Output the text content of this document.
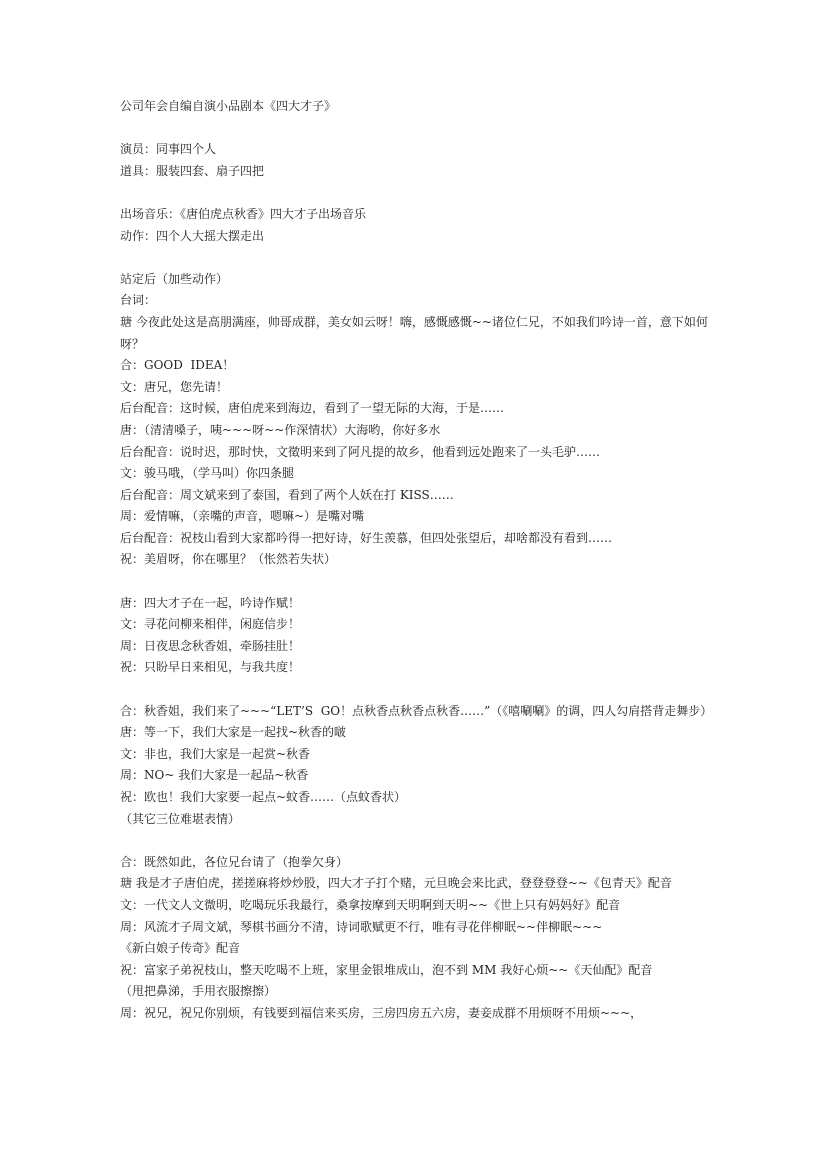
公司年会自编自演小品剧本《四大才子》
演员：同事四个人
道具：服装四套、扇子四把
出场音乐：《唐伯虎点秋香》四大才子出场音乐
动作：四个人大摇大摆走出
站定后（加些动作）
台词：
瑭 今夜此处这是高朋满座，帅哥成群，美女如云呀！嗨，感慨感慨~~诸位仁兄，不如我们吟诗一首，意下如何呀？
合：GOOD  IDEA！
文：唐兄，您先请！
后台配音：这时候，唐伯虎来到海边，看到了一望无际的大海，于是……
唐：（清清嗓子，咦~~~呀~~作深情状）大海哟，你好多水
后台配音：说时迟，那时快，文徵明来到了阿凡提的故乡，他看到远处跑来了一头毛驴……
文：骏马哦，（学马叫）你四条腿
后台配音：周文斌来到了泰国，看到了两个人妖在打 KISS……
周：爱情嘛，（亲嘴的声音，嗯嘛~）是嘴对嘴
后台配音：祝枝山看到大家都吟得一把好诗，好生羡慕，但四处张望后，却啥都没有看到……
祝：美眉呀，你在哪里？（怅然若失状）
唐：四大才子在一起，吟诗作赋！
文：寻花问柳来相伴，闲庭信步！
周：日夜思念秋香姐，牵肠挂肚！
祝：只盼早日来相见，与我共度！
合：秋香姐，我们来了~~~“LET’S  GO！点秋香点秋香点秋香……”（《嘻唰唰》的调，四人勾肩搭背走舞步）
唐：等一下，我们大家是一起找~秋香的啵
文：非也，我们大家是一起赏~秋香
周：NO~ 我们大家是一起品~秋香
祝：欧也！我们大家要一起点~蚊香……（点蚊香状）
（其它三位难堪表情）
合：既然如此，各位兄台请了（抱拳欠身）
瑭 我是才子唐伯虎，搓搓麻将炒炒股，四大才子打个赌，元旦晚会来比武，登登登登~~《包青天》配音
文：一代文人文微明，吃喝玩乐我最行，桑拿按摩到天明啊到天明~~《世上只有妈妈好》配音
周：风流才子周文斌，琴棋书画分不清，诗词歌赋更不行，唯有寻花伴柳眠~~伴柳眠~~~
《新白娘子传奇》配音
祝：富家子弟祝枝山，整天吃喝不上班，家里金银堆成山，泡不到 MM 我好心烦~~《天仙配》配音
（甩把鼻涕，手用衣服擦擦）
周：祝兄，祝兄你别烦，有钱要到福信来买房，三房四房五六房，妻妾成群不用烦呀不用烦~~~，
